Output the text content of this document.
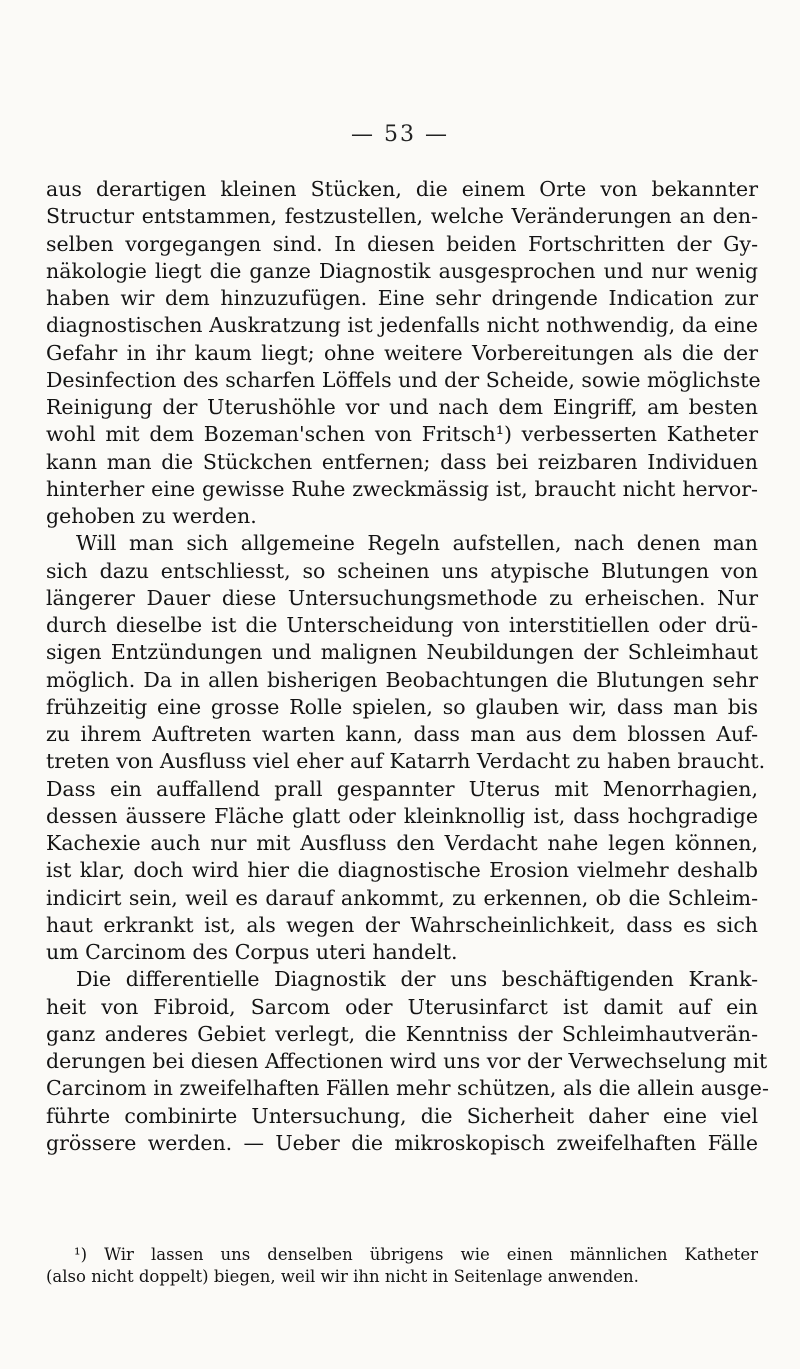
— 53 —
aus derartigen kleinen Stücken, die einem Orte von bekannter
Structur entstammen, festzustellen, welche Veränderungen an den-
selben vorgegangen sind. In diesen beiden Fortschritten der Gy-
näkologie liegt die ganze Diagnostik ausgesprochen und nur wenig
haben wir dem hinzuzufügen. Eine sehr dringende Indication zur
diagnostischen Auskratzung ist jedenfalls nicht nothwendig, da eine
Gefahr in ihr kaum liegt; ohne weitere Vorbereitungen als die der
Desinfection des scharfen Löffels und der Scheide, sowie möglichste
Reinigung der Uterushöhle vor und nach dem Eingriff, am besten
wohl mit dem Bozeman'schen von Fritsch¹) verbesserten Katheter
kann man die Stückchen entfernen; dass bei reizbaren Individuen
hinterher eine gewisse Ruhe zweckmässig ist, braucht nicht hervor-
gehoben zu werden.
Will man sich allgemeine Regeln aufstellen, nach denen man
sich dazu entschliesst, so scheinen uns atypische Blutungen von
längerer Dauer diese Untersuchungsmethode zu erheischen. Nur
durch dieselbe ist die Unterscheidung von interstitiellen oder drü-
sigen Entzündungen und malignen Neubildungen der Schleimhaut
möglich. Da in allen bisherigen Beobachtungen die Blutungen sehr
frühzeitig eine grosse Rolle spielen, so glauben wir, dass man bis
zu ihrem Auftreten warten kann, dass man aus dem blossen Auf-
treten von Ausfluss viel eher auf Katarrh Verdacht zu haben braucht.
Dass ein auffallend prall gespannter Uterus mit Menorrhagien,
dessen äussere Fläche glatt oder kleinknollig ist, dass hochgradige
Kachexie auch nur mit Ausfluss den Verdacht nahe legen können,
ist klar, doch wird hier die diagnostische Erosion vielmehr deshalb
indicirt sein, weil es darauf ankommt, zu erkennen, ob die Schleim-
haut erkrankt ist, als wegen der Wahrscheinlichkeit, dass es sich
um Carcinom des Corpus uteri handelt.
Die differentielle Diagnostik der uns beschäftigenden Krank-
heit von Fibroid, Sarcom oder Uterusinfarct ist damit auf ein
ganz anderes Gebiet verlegt, die Kenntniss der Schleimhautverän-
derungen bei diesen Affectionen wird uns vor der Verwechselung mit
Carcinom in zweifelhaften Fällen mehr schützen, als die allein ausge-
führte combinirte Untersuchung, die Sicherheit daher eine viel
grössere werden. — Ueber die mikroskopisch zweifelhaften Fälle
¹) Wir lassen uns denselben übrigens wie einen männlichen Katheter
(also nicht doppelt) biegen, weil wir ihn nicht in Seitenlage anwenden.
